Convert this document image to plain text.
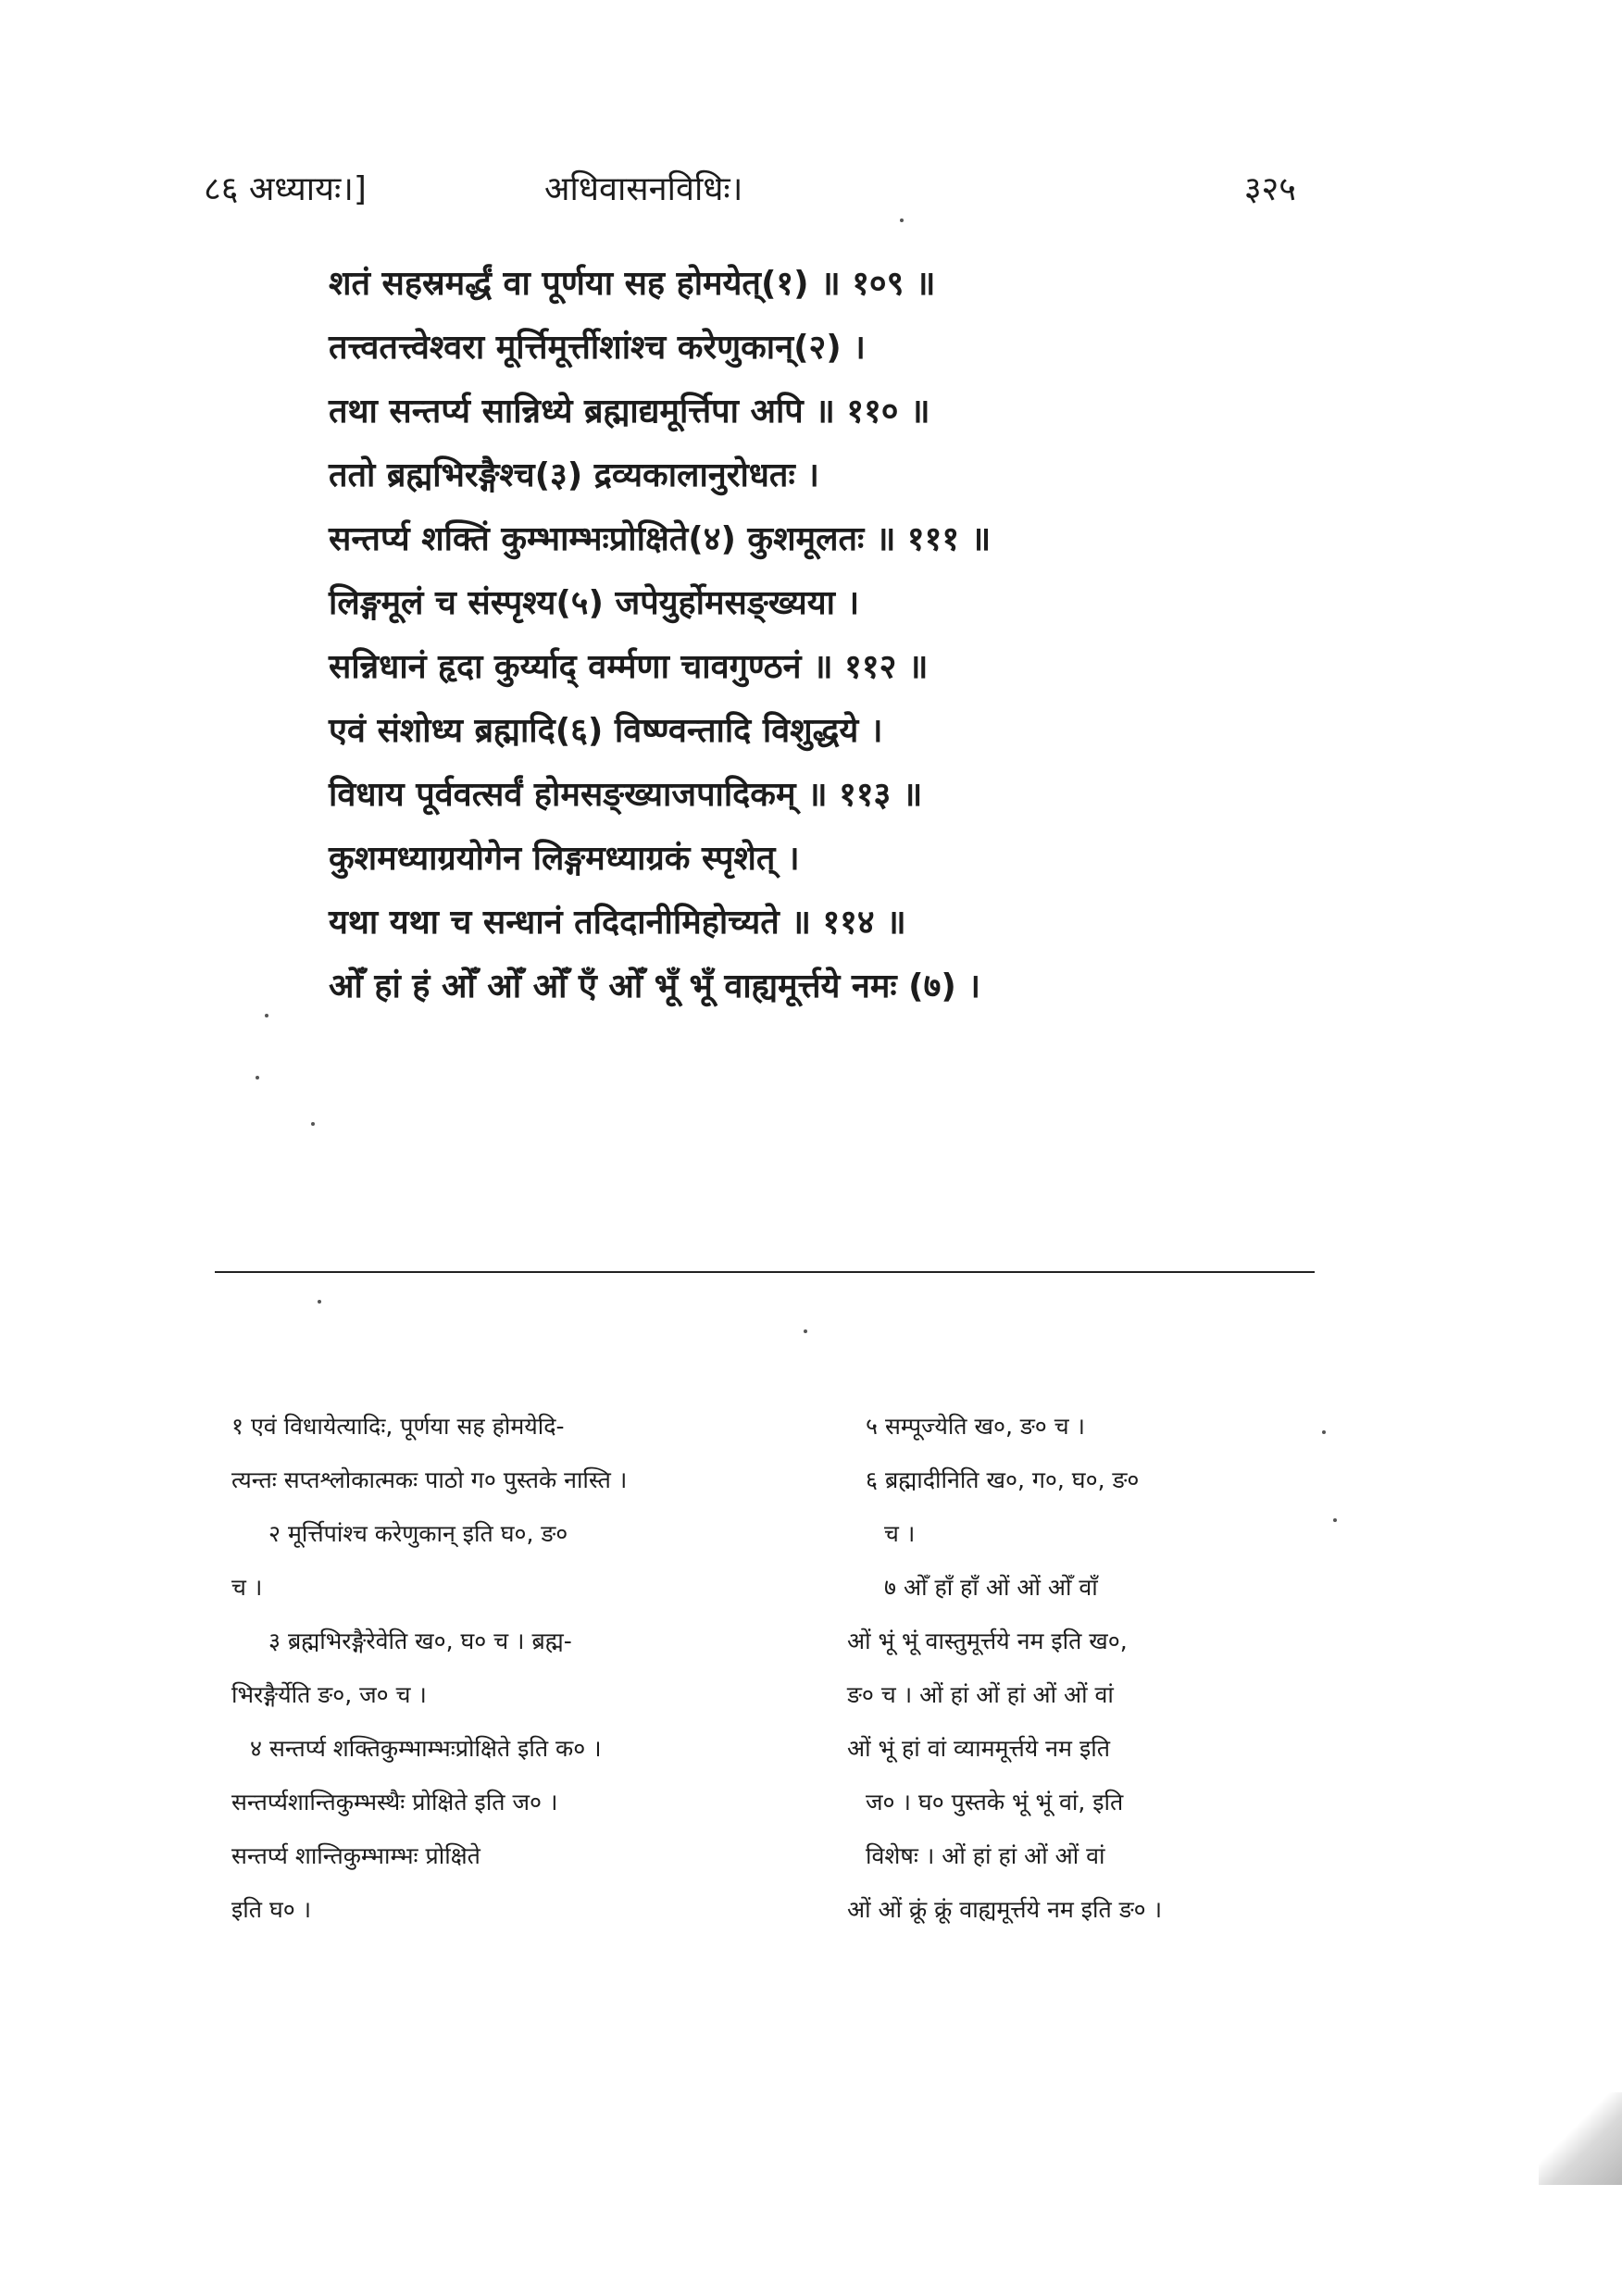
८६ अध्यायः।]	अधिवासनविधिः।	३२५
शतं सहस्रमर्द्धं वा पूर्णया सह होमयेत्(१) ॥ १०९ ॥
तत्त्वतत्त्वेश्वरा मूर्त्तिमूर्त्तीशांश्च करेणुकान्(२) ।
तथा सन्तर्प्य सान्निध्ये ब्रह्माद्यमूर्त्तिपा अपि ॥ ११० ॥
ततो ब्रह्मभिरङ्गैश्च(३) द्रव्यकालानुरोधतः ।
सन्तर्प्य शक्तिं कुम्भाम्भःप्रोक्षिते(४) कुशमूलतः ॥ १११ ॥
लिङ्गमूलं च संस्पृश्य(५) जपेयुर्होमसङ्ख्यया ।
सन्निधानं हृदा कुर्य्याद् वर्म्मणा चावगुण्ठनं ॥ ११२ ॥
एवं संशोध्य ब्रह्मादि(६) विष्ण्वन्तादि विशुद्धये ।
विधाय पूर्ववत्सर्वं होमसङ्ख्याजपादिकम् ॥ ११३ ॥
कुशमध्याग्रयोगेन लिङ्गमध्याग्रकं स्पृशेत् ।
यथा यथा च सन्धानं तदिदानीमिहोच्यते ॥ ११४ ॥
ओँ हां हं ओँ ओँ ओँ एँ ओँ भूँ भूँ वाह्यमूर्त्तये नमः (७) ।
१ एवं विधायेत्यादिः, पूर्णया सह होमयेदि-
त्यन्तः सप्तश्लोकात्मकः पाठो ग० पुस्तके नास्ति ।
२ मूर्त्तिपांश्च करेणुकान् इति घ०, ङ०
च ।
३ ब्रह्मभिरङ्गैरेवेति ख०, घ० च । ब्रह्म-
भिरङ्गैर्येति ङ०, ज० च ।
४ सन्तर्प्य शक्तिकुम्भाम्भःप्रोक्षिते इति क० ।
सन्तर्प्यशान्तिकुम्भस्थैः प्रोक्षिते इति ज० ।
सन्तर्प्य शान्तिकुम्भाम्भः प्रोक्षिते
इति घ० ।
५ सम्पूज्येति ख०, ङ० च ।
६ ब्रह्मादीनिति ख०, ग०, घ०, ङ०
च ।
७ ओँ हाँ हाँ ओं ओं ओँ वाँ
ओं भूं भूं वास्तुमूर्त्तये नम इति ख०,
ङ० च । ओं हां ओं हां ओं ओं वां
ओं भूं हां वां व्याममूर्त्तये नम इति
ज० । घ० पुस्तके भूं भूं वां, इति
विशेषः । ओं हां हां ओं ओं वां
ओं ओं क्रूं क्रूं वाह्यमूर्त्तये नम इति ङ० ।
